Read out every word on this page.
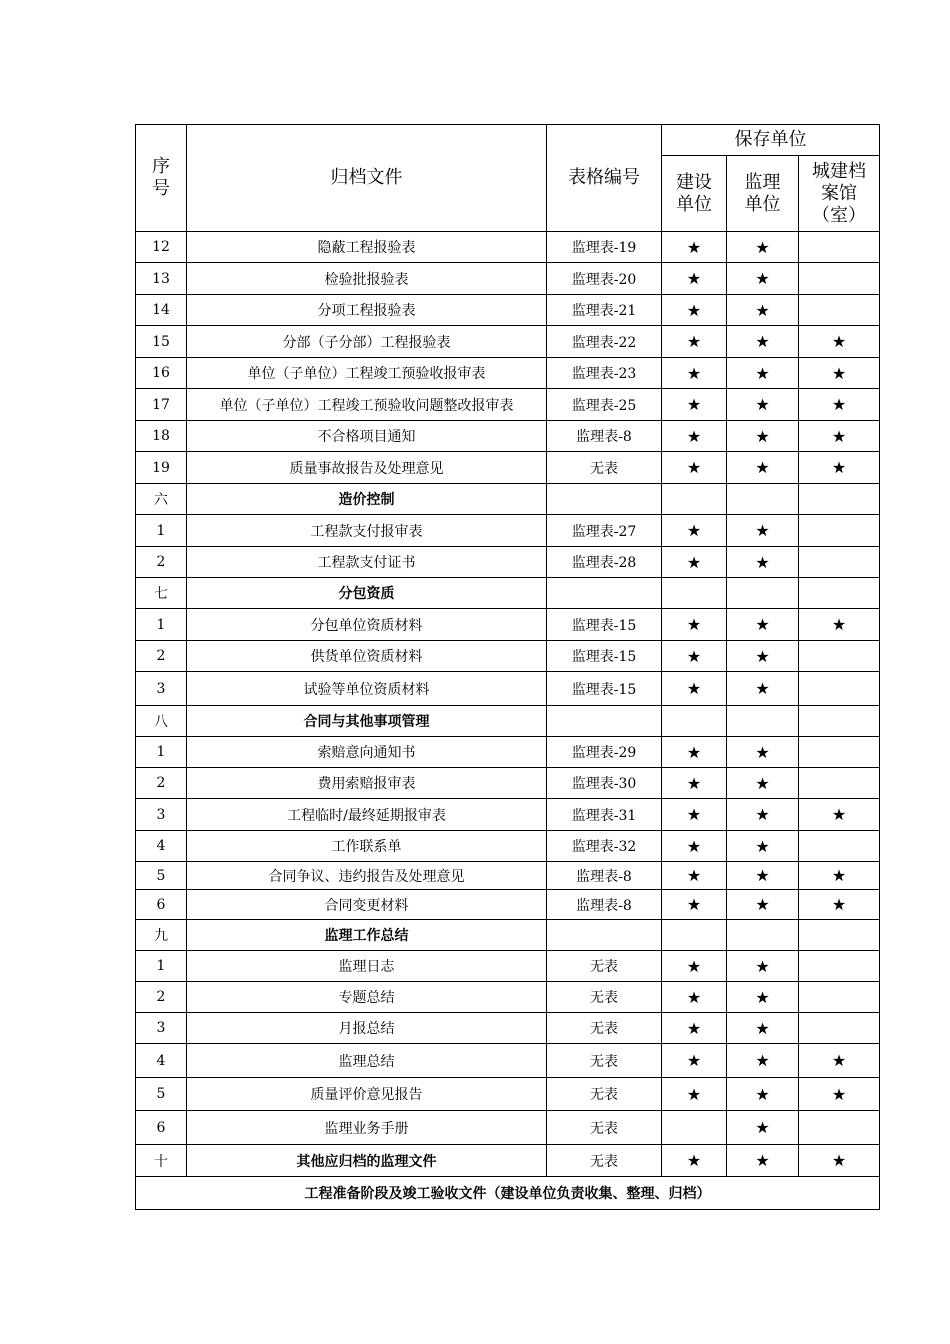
序号	归档文件	表格编号	保存单位		

			建设单位	监理单位	城建档案馆（室）

12	隐蔽工程报验表	监理表-19	★	★	
13	检验批报验表	监理表-20	★	★	
14	分项工程报验表	监理表-21	★	★	
15	分部（子分部）工程报验表	监理表-22	★	★	★
16	单位（子单位）工程竣工预验收报审表	监理表-23	★	★	★
17	单位（子单位）工程竣工预验收问题整改报审表	监理表-25	★	★	★
18	不合格项目通知	监理表-8	★	★	★
19	质量事故报告及处理意见	无表	★	★	★
六	造价控制				
1	工程款支付报审表	监理表-27	★	★	
2	工程款支付证书	监理表-28	★	★	
七	分包资质				
1	分包单位资质材料	监理表-15	★	★	★
2	供货单位资质材料	监理表-15	★	★	
3	试验等单位资质材料	监理表-15	★	★	
八	合同与其他事项管理				
1	索赔意向通知书	监理表-29	★	★	
2	费用索赔报审表	监理表-30	★	★	
3	工程临时/最终延期报审表	监理表-31	★	★	★
4	工作联系单	监理表-32	★	★	
5	合同争议、违约报告及处理意见	监理表-8	★	★	★
6	合同变更材料	监理表-8	★	★	★
九	监理工作总结				
1	监理日志	无表	★	★	
2	专题总结	无表	★	★	
3	月报总结	无表	★	★	
4	监理总结	无表	★	★	★
5	质量评价意见报告	无表	★	★	★
6	监理业务手册	无表		★	
十	其他应归档的监理文件	无表	★	★	★
工程准备阶段及竣工验收文件（建设单位负责收集、整理、归档）					
